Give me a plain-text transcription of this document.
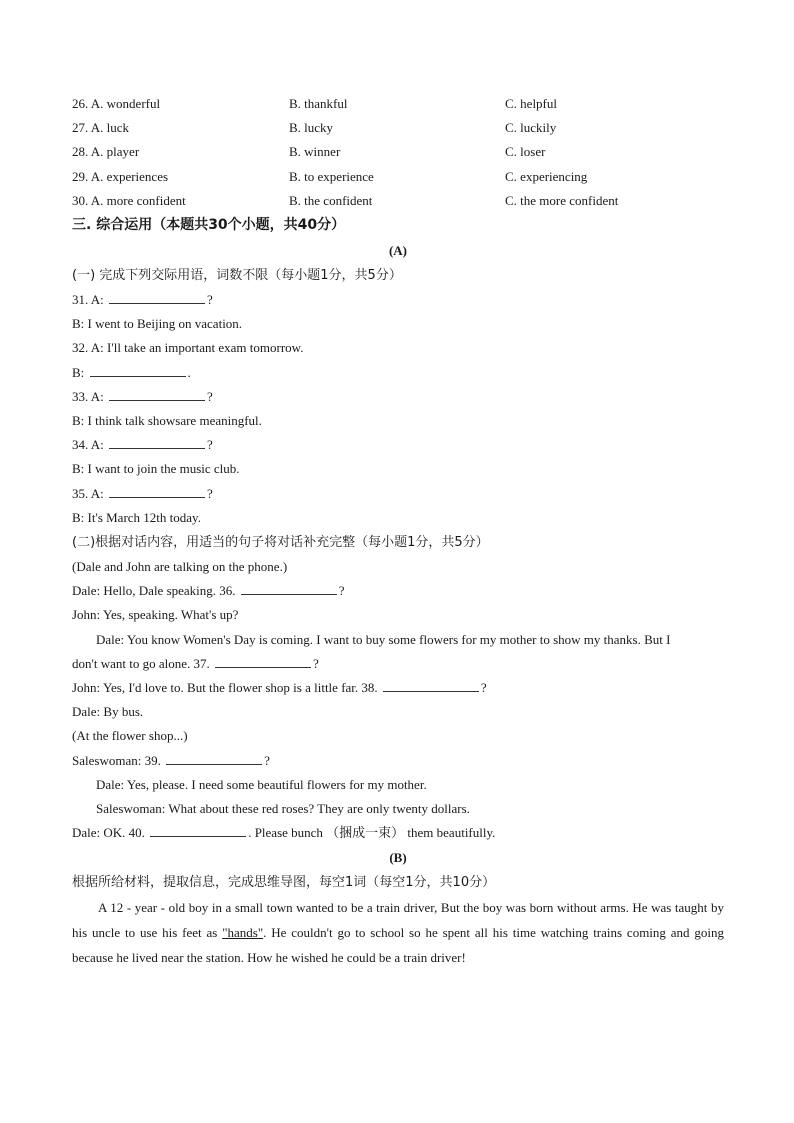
26. A. wonderful	B. thankful	C. helpful
27. A. luck	B. lucky	C. luckily
28. A. player	B. winner	C. loser
29. A. experiences	B. to experience	C. experiencing
30. A. more confident	B. the confident	C. the more confident
三. 综合运用（本题共30个小题，共40分）
(A)
(一) 完成下列交际用语，词数不限（每小题1分，共5分）
31. A:	?
B: I went to Beijing on vacation.
32. A: I'll take an important exam tomorrow.
B:	.
33. A:	?
B: I think talk showsare meaningful.
34. A:	?
B: I want to join the music club.
35. A:	?
B: It's March 12th today.
(二)根据对话内容，用适当的句子将对话补充完整（每小题1分，共5分）
(Dale and John are talking on the phone.)
Dale: Hello, Dale speaking. 36.	?
John: Yes, speaking. What's up?
Dale: You know Women's Day is coming. I want to buy some flowers for my mother to show my thanks. But I
don't want to go alone. 37.	?
John: Yes, I'd love to. But the flower shop is a little far. 38.	?
Dale: By bus.
(At the flower shop...)
Saleswoman: 39.	?
Dale: Yes, please. I need some beautiful flowers for my mother.
Saleswoman: What about these red roses? They are only twenty dollars.
Dale: OK. 40.	. Please bunch （捆成一束） them beautifully.
(B)
根据所给材料，提取信息，完成思维导图，每空1词（每空1分，共10分）
A 12 - year - old boy in a small town wanted to be a train driver, But the boy was born without arms. He was taught by his uncle to use his feet as "hands". He couldn't go to school so he spent all his time watching trains coming and going because he lived near the station. How he wished he could be a train driver!
